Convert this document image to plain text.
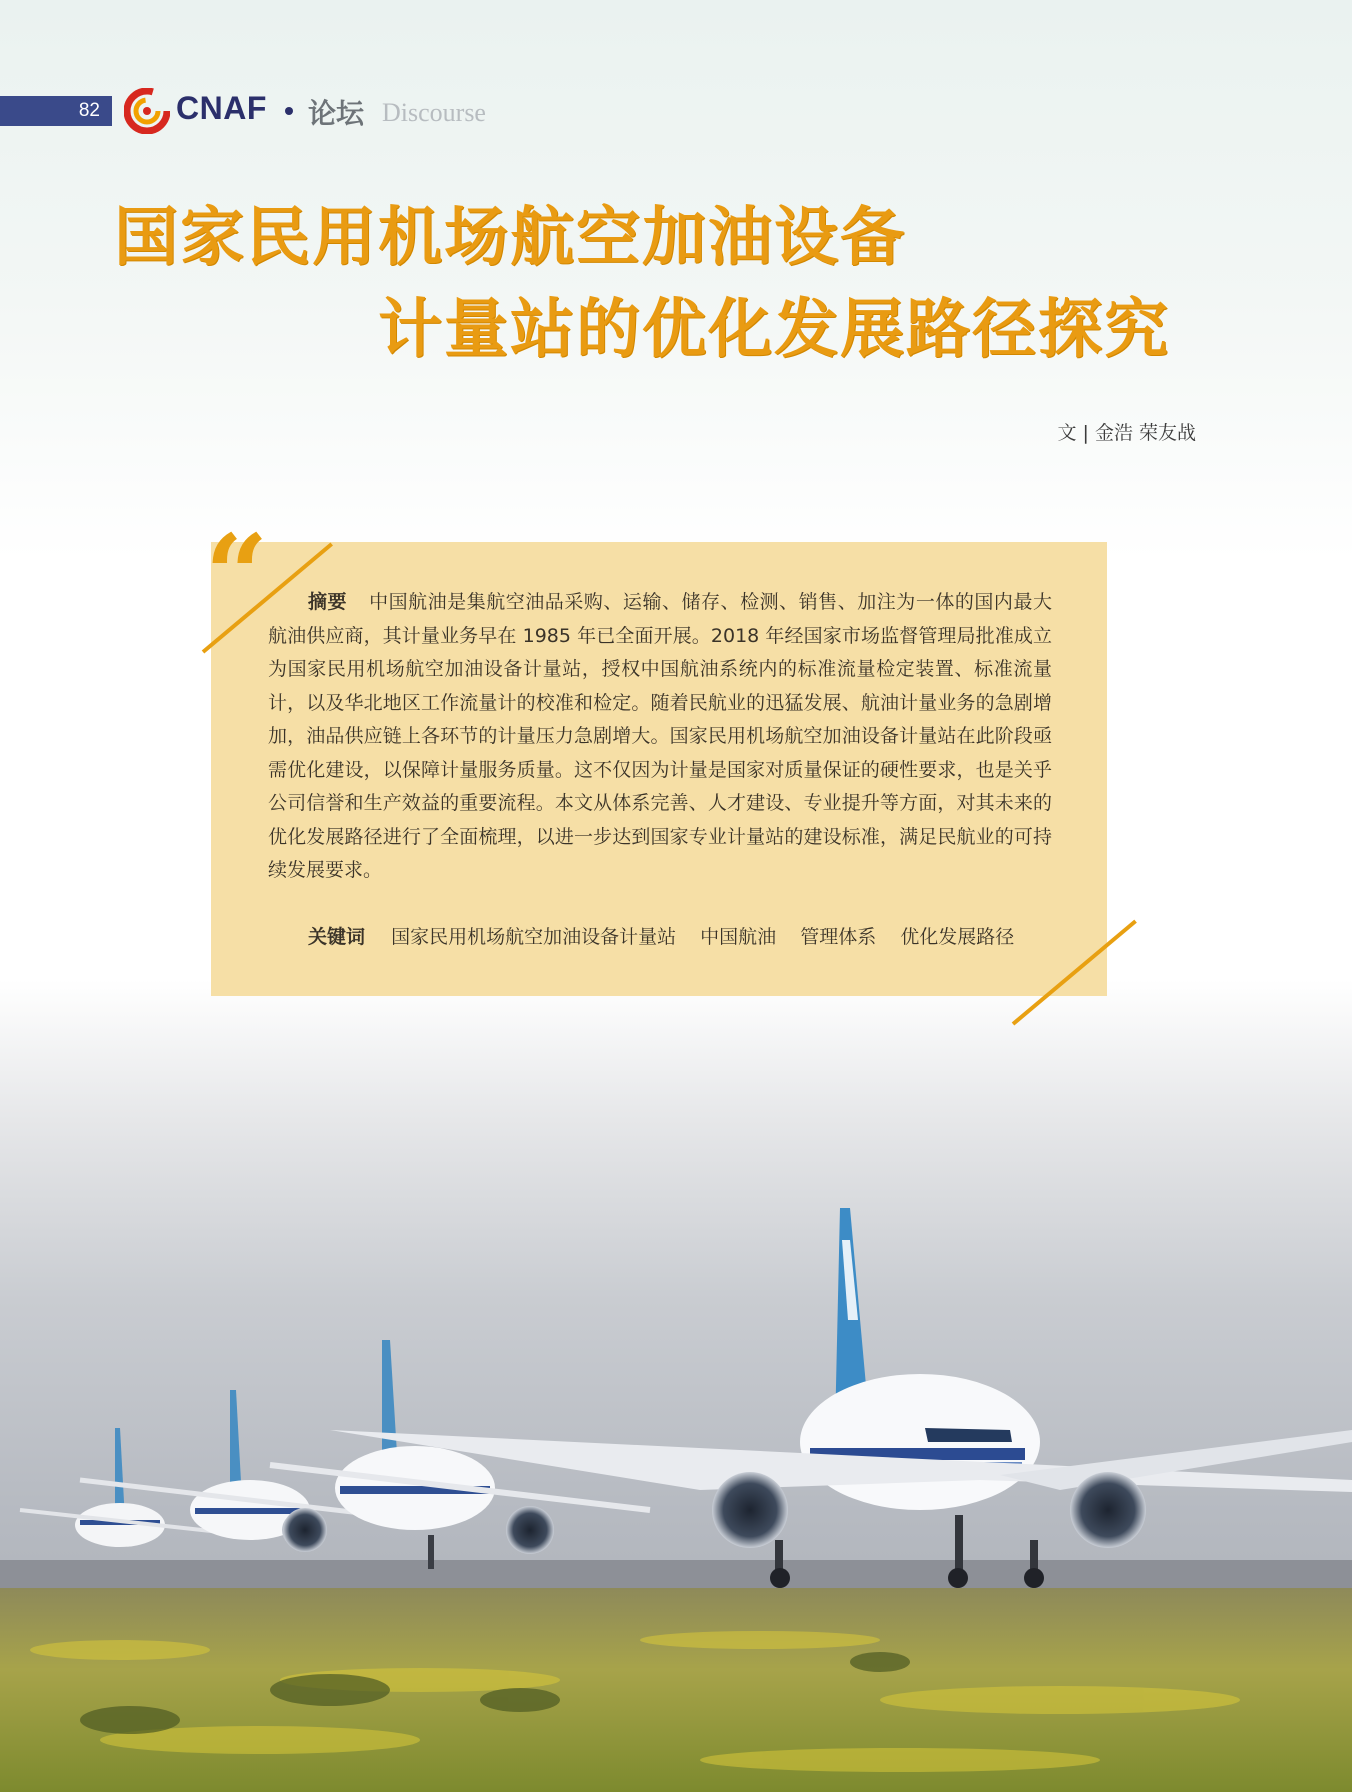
82	CNAF 论坛 Discourse
国家民用机场航空加油设备
计量站的优化发展路径探究
文 | 金浩 荣友战
“	摘要 中国航油是集航空油品采购、运输、储存、检测、销售、加注为一体的国内最大航油供应商，其计量业务早在 1985 年已全面开展。2018 年经国家市场监督管理局批准成立为国家民用机场航空加油设备计量站，授权中国航油系统内的标准流量检定装置、标准流量计，以及华北地区工作流量计的校准和检定。随着民航业的迅猛发展、航油计量业务的急剧增加，油品供应链上各环节的计量压力急剧增大。国家民用机场航空加油设备计量站在此阶段亟需优化建设，以保障计量服务质量。这不仅因为计量是国家对质量保证的硬性要求，也是关乎公司信誉和生产效益的重要流程。本文从体系完善、人才建设、专业提升等方面，对其未来的优化发展路径进行了全面梳理，以进一步达到国家专业计量站的建设标准，满足民航业的可持续发展要求。
关键词 国家民用机场航空加油设备计量站 中国航油 管理体系 优化发展路径
